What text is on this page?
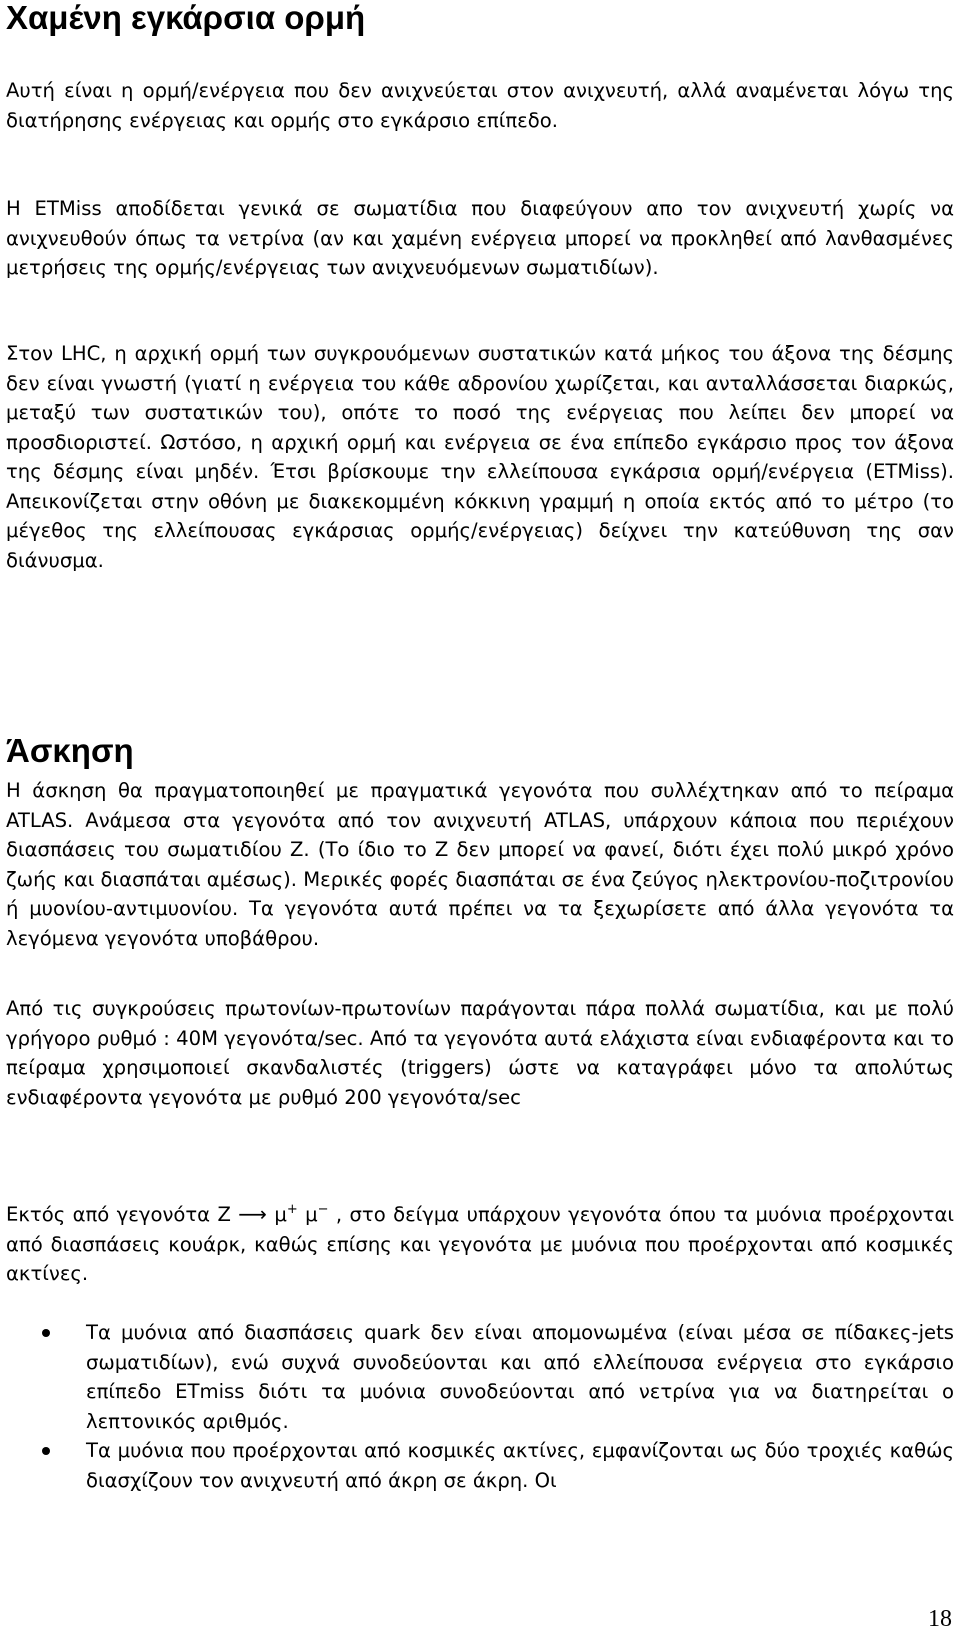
Χαμένη εγκάρσια ορμή

Αυτή είναι η ορμή/ενέργεια που δεν ανιχνεύεται στον ανιχνευτή, αλλά αναμένεται λόγω της διατήρησης ενέργειας και ορμής στο εγκάρσιο επίπεδο.

Η ETMiss αποδίδεται γενικά σε σωματίδια που διαφεύγουν απο τον ανιχνευτή χωρίς να ανιχνευθούν όπως τα νετρίνα (αν και χαμένη ενέργεια μπορεί να προκληθεί από λανθασμένες μετρήσεις της ορμής/ενέργειας των ανιχνευόμενων σωματιδίων).

Στον LHC, η αρχική ορμή των συγκρουόμενων συστατικών κατά μήκος του άξονα της δέσμης δεν είναι γνωστή (γιατί η ενέργεια του κάθε αδρονίου χωρίζεται, και ανταλλάσσεται διαρκώς, μεταξύ των συστατικών του), οπότε το ποσό της ενέργειας που λείπει δεν μπορεί να προσδιοριστεί. Ωστόσο, η αρχική ορμή και ενέργεια σε ένα επίπεδο εγκάρσιο προς τον άξονα της δέσμης είναι μηδέν. Έτσι βρίσκουμε την ελλείπουσα εγκάρσια ορμή/ενέργεια (ETMiss). Απεικονίζεται στην οθόνη με διακεκομμένη κόκκινη γραμμή η οποία εκτός από το μέτρο (το μέγεθος της ελλείπουσας εγκάρσιας ορμής/ενέργειας) δείχνει την κατεύθυνση της σαν διάνυσμα.

Άσκηση

Η άσκηση θα πραγματοποιηθεί με πραγματικά γεγονότα που συλλέχτηκαν από το πείραμα ATLAS. Ανάμεσα στα γεγονότα από τον ανιχνευτή ATLAS, υπάρχουν κάποια που περιέχουν διασπάσεις του σωματιδίου Z. (Το ίδιο το Z δεν μπορεί να φανεί, διότι έχει πολύ μικρό χρόνο ζωής και διασπάται αμέσως). Μερικές φορές διασπάται σε ένα ζεύγος ηλεκτρονίου-ποζιτρονίου ή μυονίου-αντιμυονίου. Τα γεγονότα αυτά πρέπει να τα ξεχωρίσετε από άλλα γεγονότα τα λεγόμενα γεγονότα υποβάθρου.

Από τις συγκρούσεις πρωτονίων-πρωτονίων παράγονται πάρα πολλά σωματίδια, και με πολύ γρήγορο ρυθμό : 40M γεγονότα/sec. Από τα γεγονότα αυτά ελάχιστα είναι ενδιαφέροντα και το πείραμα χρησιμοποιεί σκανδαλιστές (triggers) ώστε να καταγράφει μόνο τα απολύτως ενδιαφέροντα γεγονότα με ρυθμό 200 γεγονότα/sec

Εκτός από γεγονότα Z ⟶ μ+ μ− , στο δείγμα υπάρχουν γεγονότα όπου τα μυόνια προέρχονται από διασπάσεις κουάρκ, καθώς επίσης και γεγονότα με μυόνια που προέρχονται από κοσμικές ακτίνες.

Τα μυόνια από διασπάσεις quark δεν είναι απομονωμένα (είναι μέσα σε πίδακες-jets σωματιδίων), ενώ συχνά συνοδεύονται και από ελλείπουσα ενέργεια στο εγκάρσιο επίπεδο ETmiss διότι τα μυόνια συνοδεύονται από νετρίνα για να διατηρείται ο λεπτονικός αριθμός.
Τα μυόνια που προέρχονται από κοσμικές ακτίνες, εμφανίζονται ως δύο τροχιές καθώς διασχίζουν τον ανιχνευτή από άκρη σε άκρη. Οι
18
